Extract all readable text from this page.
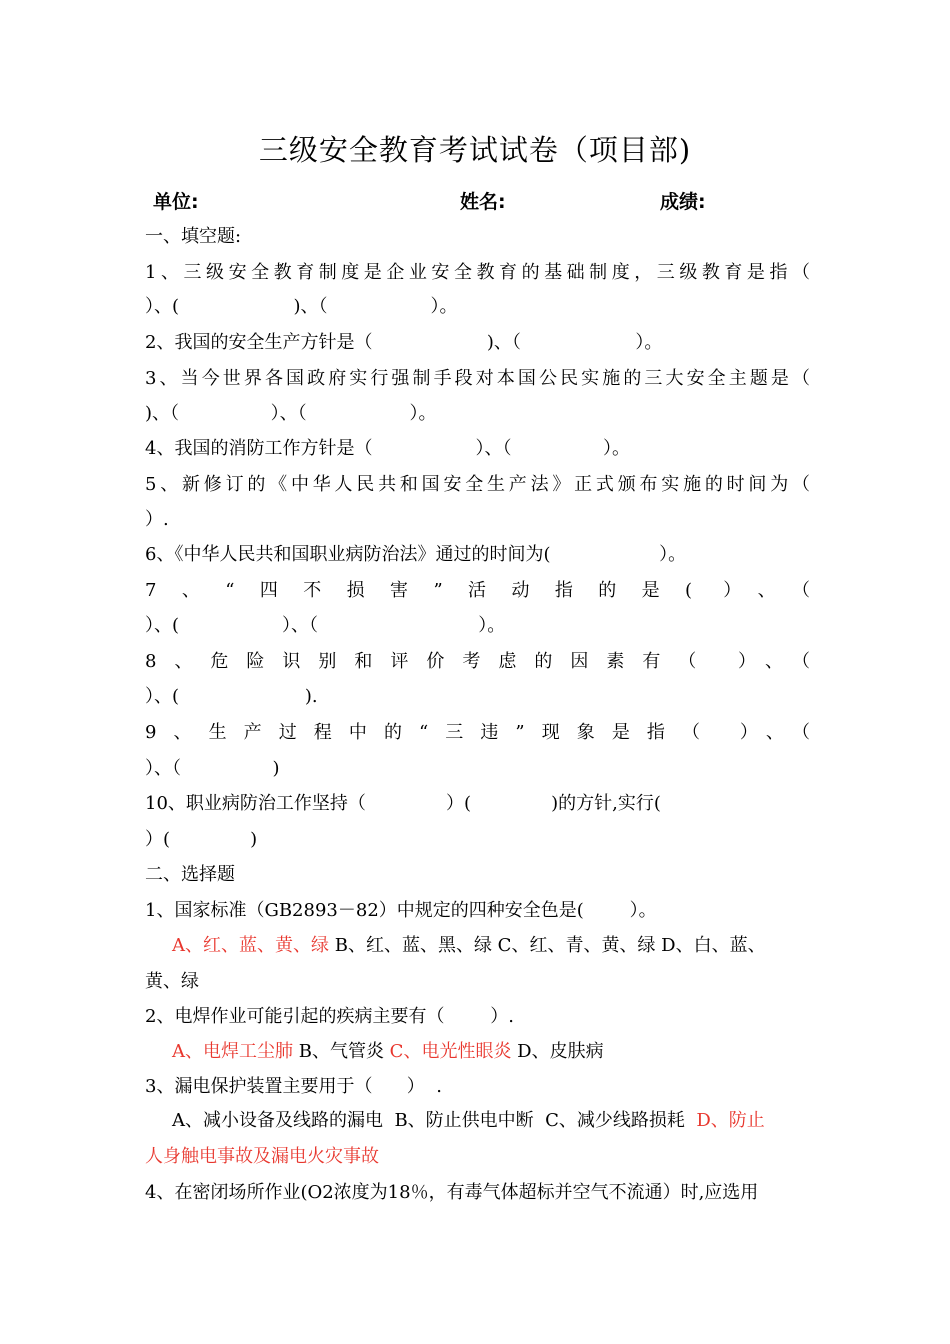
三级安全教育考试试卷（项目部)
单位:	姓名:	成绩:
一、填空题:
1、三级安全教育制度是企业安全教育的基础制度，三级教育是指（
）、(                    )、（                  ）。
2、我国的安全生产方针是（                    )、（                    ）。
3、当今世界各国政府实行强制手段对本国公民实施的三大安全主题是（
)、（                ）、（                  ）。
4、我国的消防工作方针是（                  ）、（                ）。
5、新修订的《中华人民共和国安全生产法》正式颁布实施的时间为（
）.
6、《中华人民共和国职业病防治法》通过的时间为(                   ）。
7、“四不损害”活动指的是( ）、（
）、(                  ）、（                            ）。
8、危险识别和评价考虑的因素有（ ）、（
）、(                      ).
9、生产过程中的“三违”现象是指（ ）、（
）、（                )
10、职业病防治工作坚持（              ）(              )的方针,实行(
）(              )
二、选择题
1、国家标准（GB2893－82）中规定的四种安全色是(        ）。
A、红、蓝、黄、绿 B、红、蓝、黑、绿 C、红、青、黄、绿 D、白、蓝、
黄、绿
2、电焊作业可能引起的疾病主要有（        ）.
A、电焊工尘肺 B、气管炎 C、电光性眼炎 D、皮肤病
3、漏电保护装置主要用于（      ）  .
A、减小设备及线路的漏电  B、防止供电中断  C、减少线路损耗  D、防止
人身触电事故及漏电火灾事故
4、在密闭场所作业(O2浓度为18％，有毒气体超标并空气不流通）时,应选用
